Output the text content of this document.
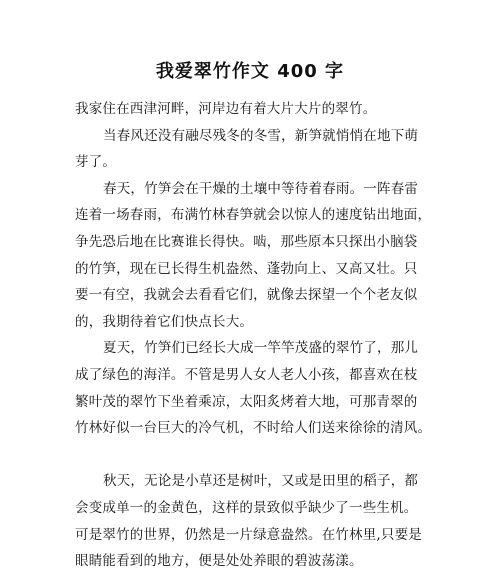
我爱翠竹作文 400 字
我家住在西津河畔，河岸边有着大片大片的翠竹。
当春风还没有融尽残冬的冬雪，新笋就悄悄在地下萌
芽了。
春天，竹笋会在干燥的土壤中等待着春雨。一阵春雷
连着一场春雨，布满竹林春笋就会以惊人的速度钻出地面，
争先恐后地在比赛谁长得快。啮，那些原本只探出小脑袋
的竹笋，现在已长得生机盎然、蓬勃向上、又高又壮。只
要一有空，我就会去看看它们，就像去探望一个个老友似
的，我期待着它们快点长大。
夏天，竹笋们已经长大成一竿竿茂盛的翠竹了，那儿
成了绿色的海洋。不管是男人女人老人小孩，都喜欢在枝
繁叶茂的翠竹下坐着乘凉，太阳炙烤着大地，可那青翠的
竹林好似一台巨大的冷气机，不时给人们送来徐徐的清风。
秋天，无论是小草还是树叶，又或是田里的稻子，都
会变成单一的金黄色，这样的景致似乎缺少了一些生机。
可是翠竹的世界，仍然是一片绿意盎然。在竹林里,只要是
眼睛能看到的地方，便是处处养眼的碧波荡漾。
